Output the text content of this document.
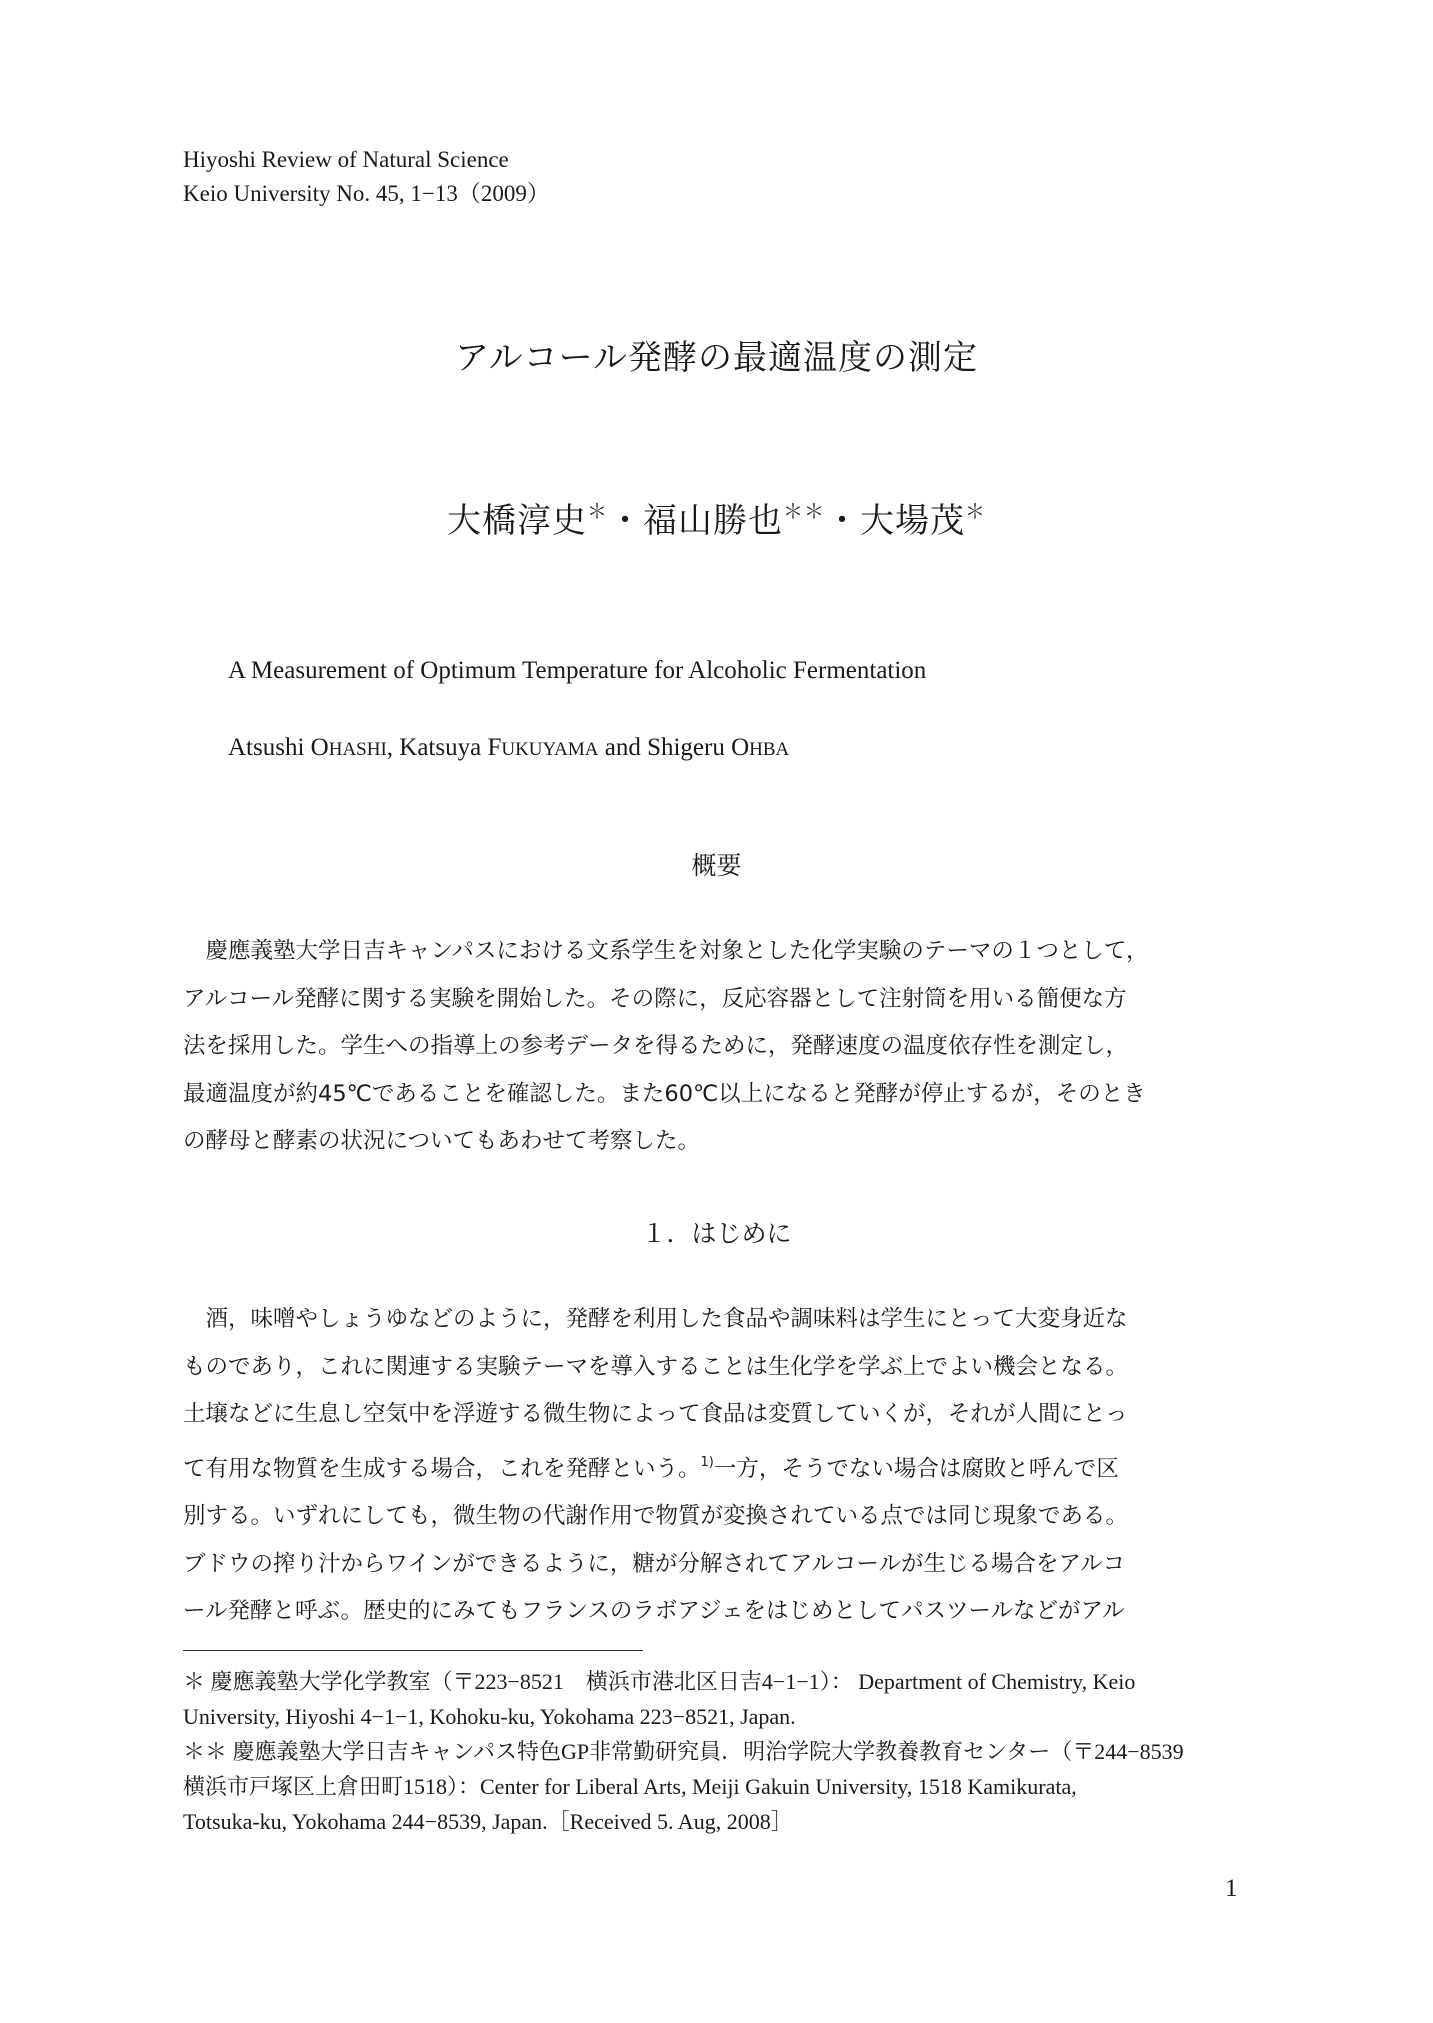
Hiyoshi Review of Natural Science
Keio University No. 45, 1−13（2009）
アルコール発酵の最適温度の測定
大橋淳史＊・福山勝也＊＊・大場茂＊
A Measurement of Optimum Temperature for Alcoholic Fermentation
Atsushi OHASHI, Katsuya FUKUYAMA and Shigeru OHBA
概要
　慶應義塾大学日吉キャンパスにおける文系学生を対象とした化学実験のテーマの１つとして，
アルコール発酵に関する実験を開始した。その際に，反応容器として注射筒を用いる簡便な方
法を採用した。学生への指導上の参考データを得るために，発酵速度の温度依存性を測定し，
最適温度が約45℃であることを確認した。また60℃以上になると発酵が停止するが，そのとき
の酵母と酵素の状況についてもあわせて考察した。
１．はじめに
　酒，味噌やしょうゆなどのように，発酵を利用した食品や調味料は学生にとって大変身近な
ものであり，これに関連する実験テーマを導入することは生化学を学ぶ上でよい機会となる。
土壌などに生息し空気中を浮遊する微生物によって食品は変質していくが，それが人間にとっ
て有用な物質を生成する場合，これを発酵という。$^{1)}$一方，そうでない場合は腐敗と呼んで区
別する。いずれにしても，微生物の代謝作用で物質が変換されている点では同じ現象である。
ブドウの搾り汁からワインができるように，糖が分解されてアルコールが生じる場合をアルコ
ール発酵と呼ぶ。歴史的にみてもフランスのラボアジェをはじめとしてパスツールなどがアル
＊ 慶應義塾大学化学教室（〒223−8521　横浜市港北区日吉4−1−1）： Department of Chemistry, Keio
University, Hiyoshi 4−1−1, Kohoku-ku, Yokohama 223−8521, Japan.
＊＊ 慶應義塾大学日吉キャンパス特色GP非常勤研究員．明治学院大学教養教育センター（〒244−8539
横浜市戸塚区上倉田町1518）：Center for Liberal Arts, Meiji Gakuin University, 1518 Kamikurata,
Totsuka-ku, Yokohama 244−8539, Japan.［Received 5. Aug, 2008］
1
